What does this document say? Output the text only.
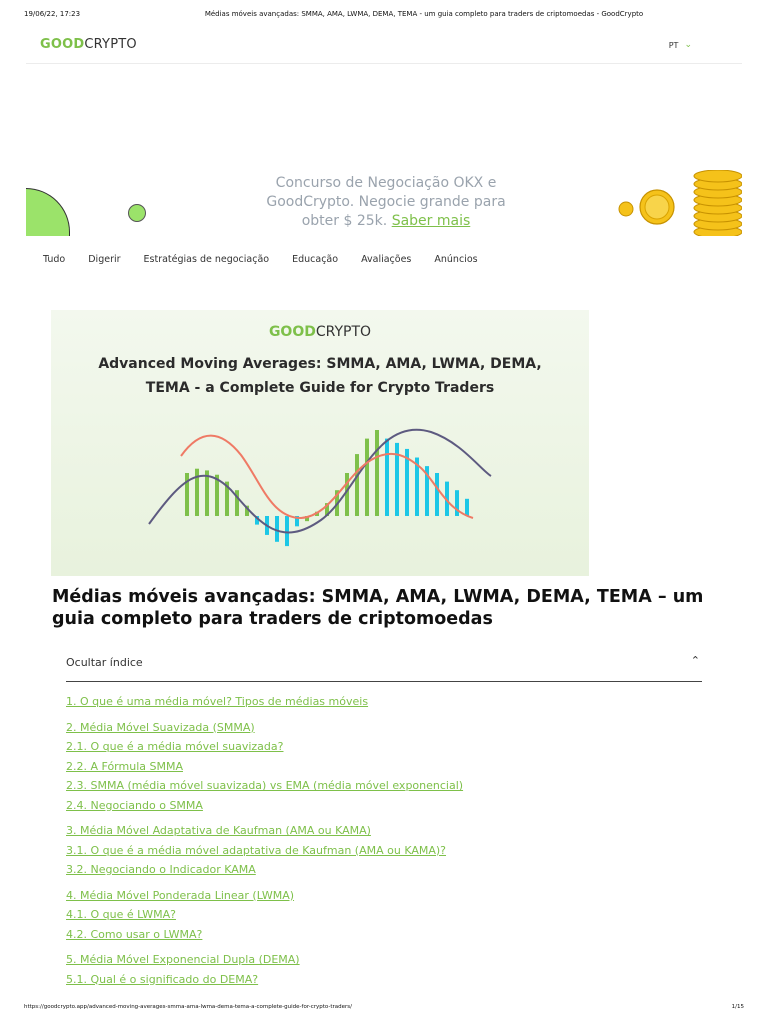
19/06/22, 17:23	Médias móveis avançadas: SMMA, AMA, LWMA, DEMA, TEMA - um guia completo para traders de criptomoedas - GoodCrypto
GOODCRYPTO	PT ⌄
Concurso de Negociação OKX e GoodCrypto. Negocie grande para obter $ 25k. Saber mais
Tudo Digerir Estratégias de negociação Educação Avaliações Anúncios
GOODCRYPTO
Advanced Moving Averages: SMMA, AMA, LWMA, DEMA,
TEMA - a Complete Guide for Crypto Traders
Médias móveis avançadas: SMMA, AMA, LWMA, DEMA, TEMA – um guia completo para traders de criptomoedas
Ocultar índice	⌃
1. O que é uma média móvel? Tipos de médias móveis
2. Média Móvel Suavizada (SMMA)
2.1. O que é a média móvel suavizada?
2.2. A Fórmula SMMA
2.3. SMMA (média móvel suavizada) vs EMA (média móvel exponencial)
2.4. Negociando o SMMA
3. Média Móvel Adaptativa de Kaufman (AMA ou KAMA)
3.1. O que é a média móvel adaptativa de Kaufman (AMA ou KAMA)?
3.2. Negociando o Indicador KAMA
4. Média Móvel Ponderada Linear (LWMA)
4.1. O que é LWMA?
4.2. Como usar o LWMA?
5. Média Móvel Exponencial Dupla (DEMA)
5.1. Qual é o significado do DEMA?
https://goodcrypto.app/advanced-moving-averages-smma-ama-lwma-dema-tema-a-complete-guide-for-crypto-traders/	1/15
